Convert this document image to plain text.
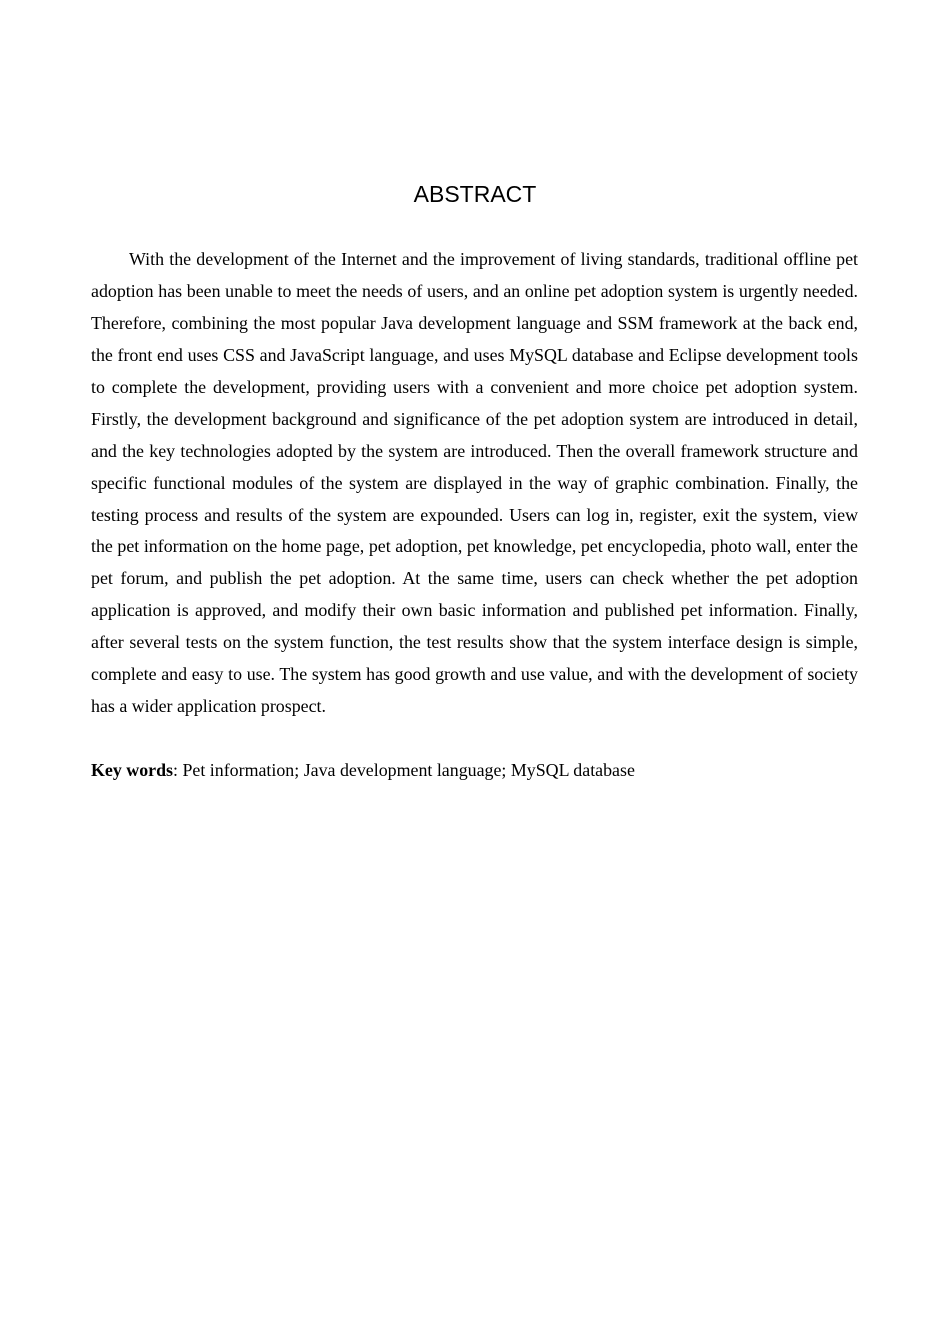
ABSTRACT

With the development of the Internet and the improvement of living standards, traditional offline pet adoption has been unable to meet the needs of users, and an online pet adoption system is urgently needed. Therefore, combining the most popular Java development language and SSM framework at the back end, the front end uses CSS and JavaScript language, and uses MySQL database and Eclipse development tools to complete the development, providing users with a convenient and more choice pet adoption system. Firstly, the development background and significance of the pet adoption system are introduced in detail, and the key technologies adopted by the system are introduced. Then the overall framework structure and specific functional modules of the system are displayed in the way of graphic combination. Finally, the testing process and results of the system are expounded. Users can log in, register, exit the system, view the pet information on the home page, pet adoption, pet knowledge, pet encyclopedia, photo wall, enter the pet forum, and publish the pet adoption. At the same time, users can check whether the pet adoption application is approved, and modify their own basic information and published pet information. Finally, after several tests on the system function, the test results show that the system interface design is simple, complete and easy to use. The system has good growth and use value, and with the development of society has a wider application prospect.

Key words: Pet information; Java development language; MySQL database
